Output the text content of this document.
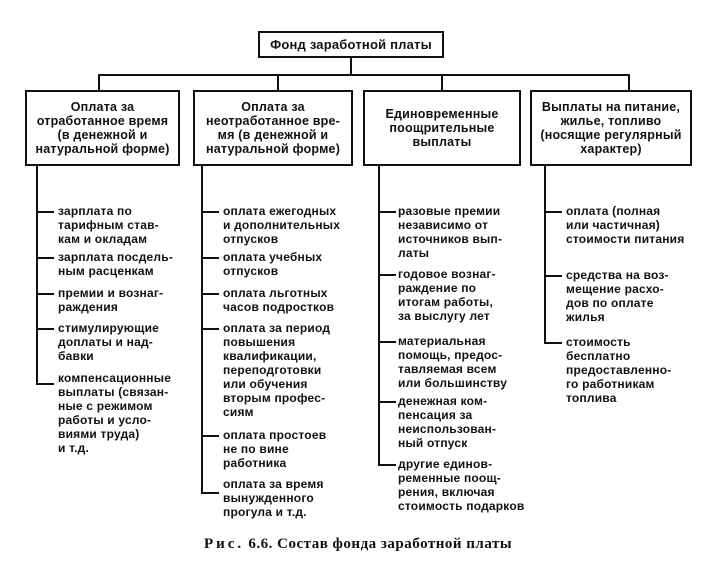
Фонд заработной платы
Оплата за
отработанное время
(в денежной и
натуральной форме)
Оплата за
неотработанное вре-
мя (в денежной и
натуральной форме)
Единовременные
поощрительные
выплаты
Выплаты на питание,
жилье, топливо
(носящие регулярный
характер)
зарплата по
тарифным став-
кам и окладам
зарплата посдель-
ным расценкам
премии и вознаг-
раждения
стимулирующие
доплаты и над-
бавки
компенсационные
выплаты (связан-
ные с режимом
работы и усло-
виями труда)
и т.д.
оплата ежегодных
и дополнительных
отпусков
оплата учебных
отпусков
оплата льготных
часов подростков
оплата за период
повышения
квалификации,
переподготовки
или обучения
вторым профес-
сиям
оплата простоев
не по вине
работника
оплата за время
вынужденного
прогула и т.д.
разовые премии
независимо от
источников вып-
латы
годовое вознаг-
раждение по
итогам работы,
за выслугу лет
материальная
помощь, предос-
тавляемая всем
или большинству
денежная ком-
пенсация за
неиспользован-
ный отпуск
другие единов-
ременные поощ-
рения, включая
стоимость подарков
оплата (полная
или частичная)
стоимости питания
средства на воз-
мещение расхо-
дов по оплате
жилья
стоимость
бесплатно
предоставленно-
го работникам
топлива
Рис. 6.6. Состав фонда заработной платы
